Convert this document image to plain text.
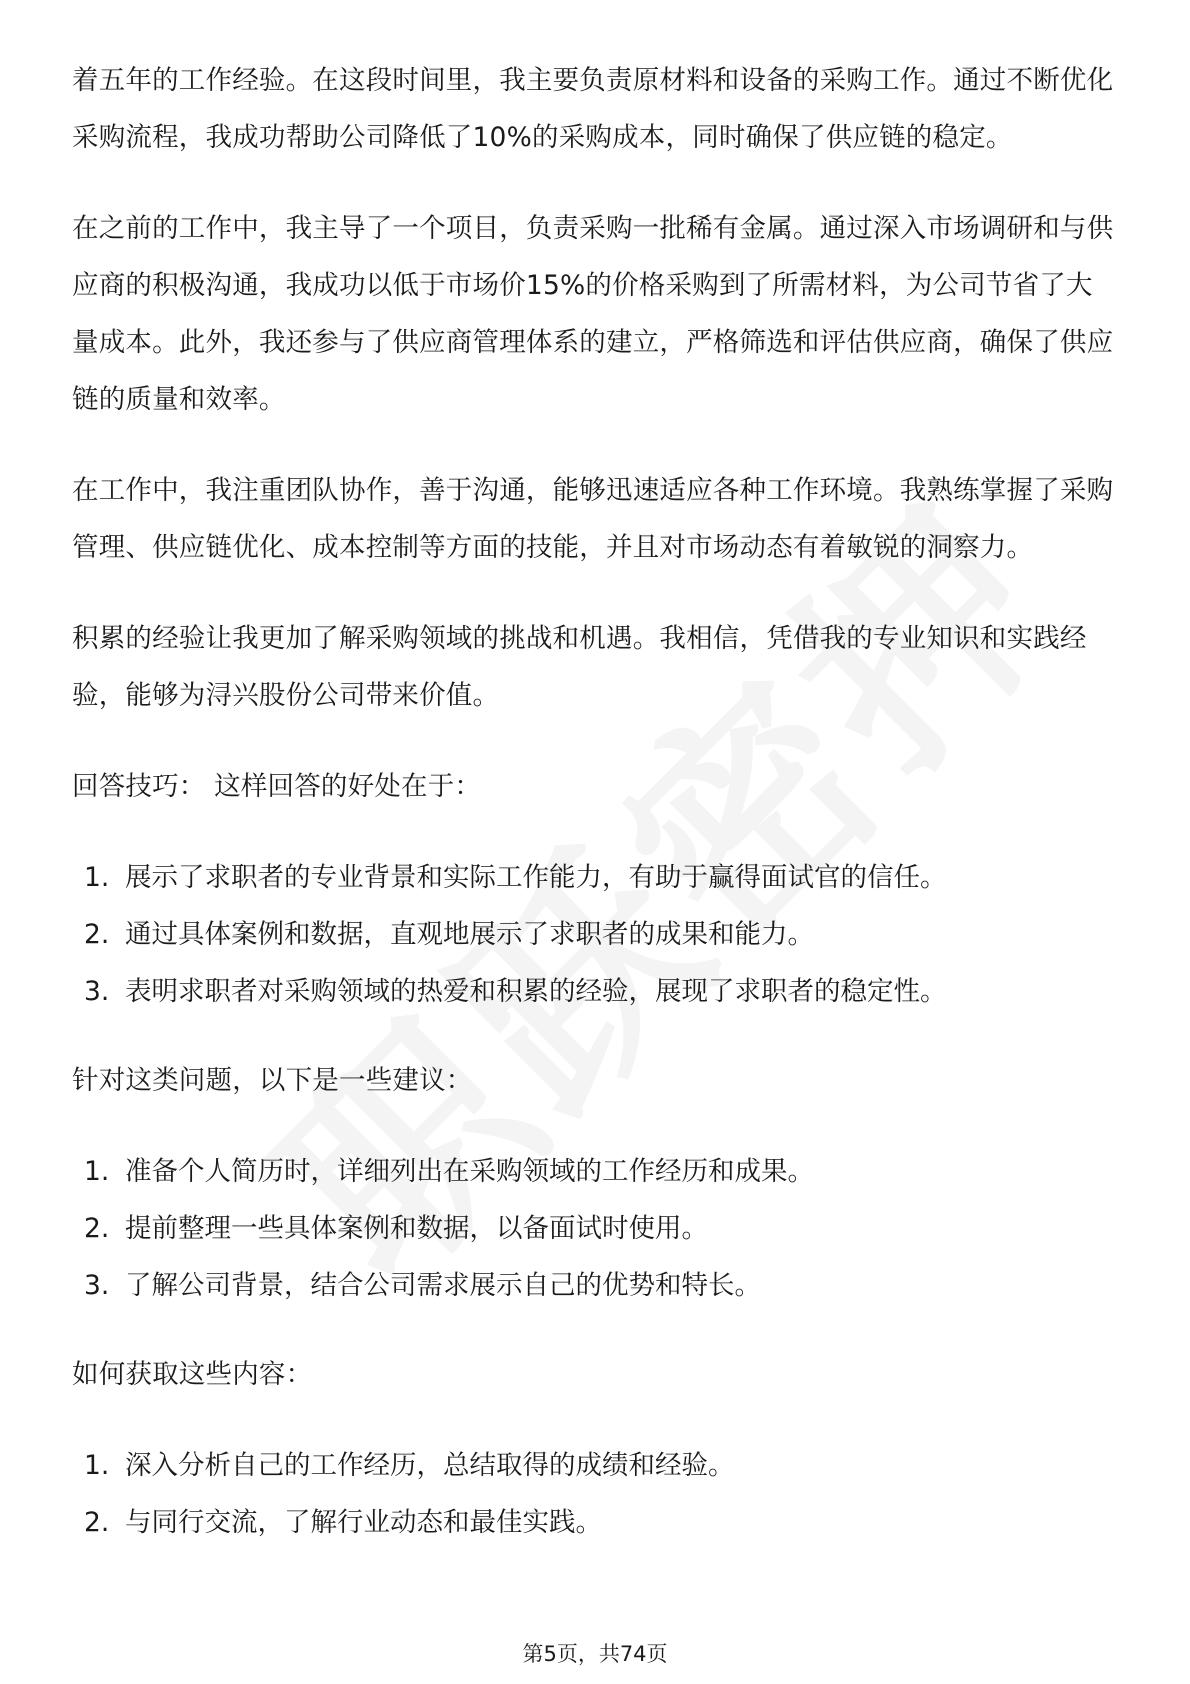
着五年的工作经验。在这段时间里，我主要负责原材料和设备的采购工作。通过不断优化采购流程，我成功帮助公司降低了10%的采购成本，同时确保了供应链的稳定。

在之前的工作中，我主导了一个项目，负责采购一批稀有金属。通过深入市场调研和与供应商的积极沟通，我成功以低于市场价15%的价格采购到了所需材料，为公司节省了大量成本。此外，我还参与了供应商管理体系的建立，严格筛选和评估供应商，确保了供应链的质量和效率。

在工作中，我注重团队协作，善于沟通，能够迅速适应各种工作环境。我熟练掌握了采购管理、供应链优化、成本控制等方面的技能，并且对市场动态有着敏锐的洞察力。

积累的经验让我更加了解采购领域的挑战和机遇。我相信，凭借我的专业知识和实践经验，能够为浔兴股份公司带来价值。

回答技巧： 这样回答的好处在于：

1. 展示了求职者的专业背景和实际工作能力，有助于赢得面试官的信任。
2. 通过具体案例和数据，直观地展示了求职者的成果和能力。
3. 表明求职者对采购领域的热爱和积累的经验，展现了求职者的稳定性。

针对这类问题，以下是一些建议：

1. 准备个人简历时，详细列出在采购领域的工作经历和成果。
2. 提前整理一些具体案例和数据，以备面试时使用。
3. 了解公司背景，结合公司需求展示自己的优势和特长。

如何获取这些内容：

1. 深入分析自己的工作经历，总结取得的成绩和经验。
2. 与同行交流，了解行业动态和最佳实践。
第5页，共74页
